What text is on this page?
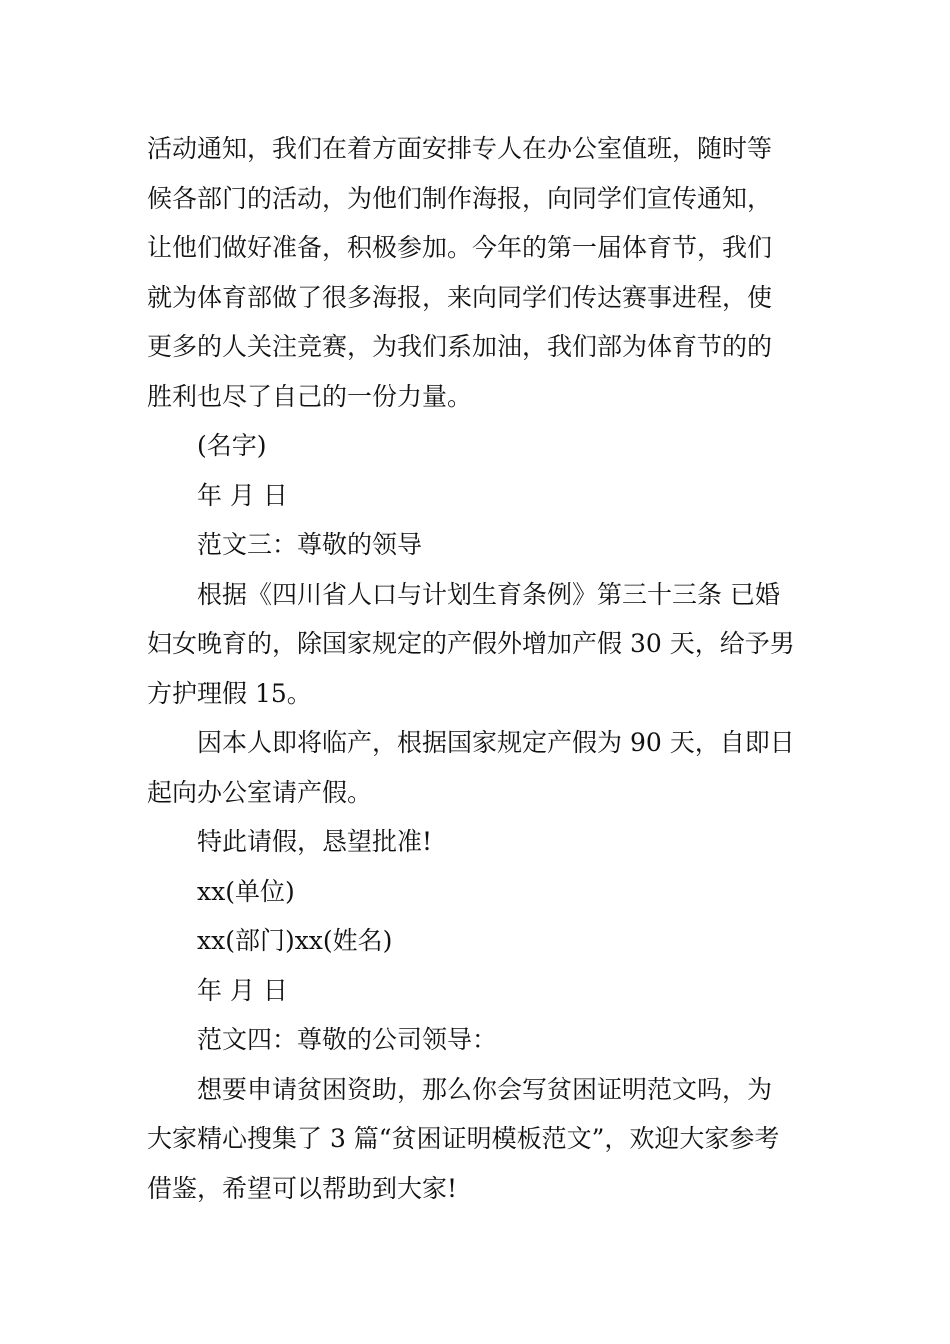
活动通知，我们在着方面安排专人在办公室值班，随时等
候各部门的活动，为他们制作海报，向同学们宣传通知，
让他们做好准备，积极参加。今年的第一届体育节，我们
就为体育部做了很多海报，来向同学们传达赛事进程，使
更多的人关注竞赛，为我们系加油，我们部为体育节的的
胜利也尽了自己的一份力量。
(名字)
年 月 日
范文三：尊敬的领导
根据《四川省人口与计划生育条例》第三十三条 已婚
妇女晚育的，除国家规定的产假外增加产假 30 天，给予男
方护理假 15。
因本人即将临产，根据国家规定产假为 90 天，自即日
起向办公室请产假。
特此请假，恳望批准!
xx(单位)
xx(部门)xx(姓名)
年 月 日
范文四：尊敬的公司领导：
想要申请贫困资助，那么你会写贫困证明范文吗，为
大家精心搜集了 3 篇“贫困证明模板范文”，欢迎大家参考
借鉴，希望可以帮助到大家!
